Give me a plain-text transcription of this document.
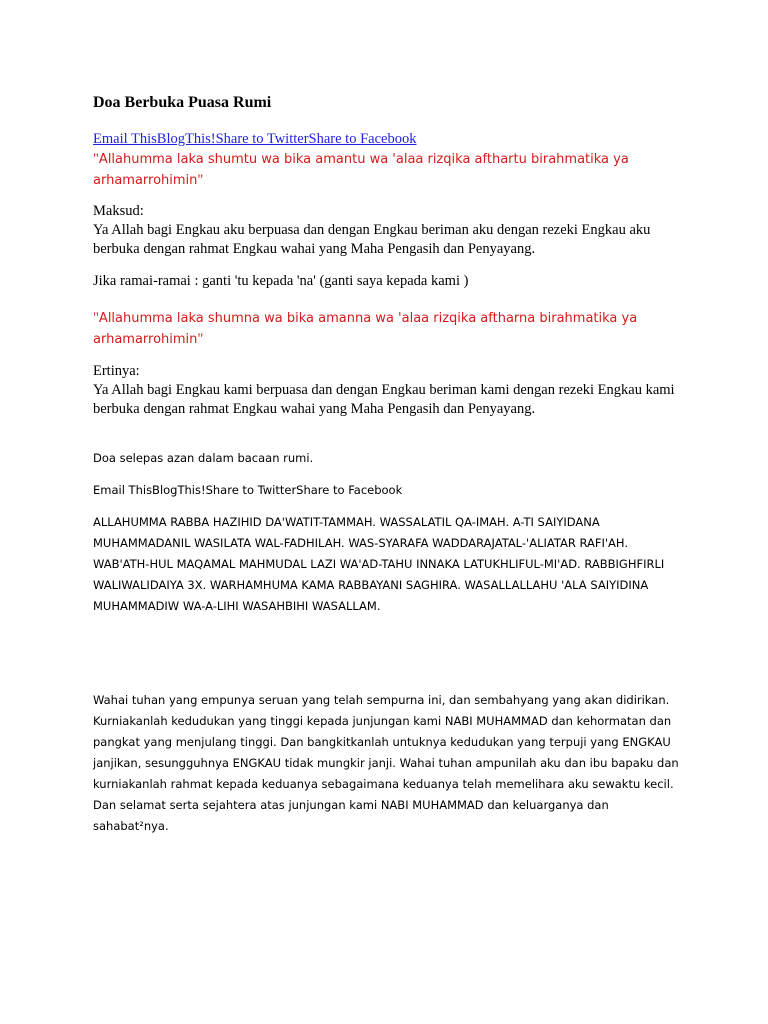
Doa Berbuka Puasa Rumi
Email ThisBlogThis!Share to TwitterShare to Facebook
"Allahumma laka shumtu wa bika amantu wa 'alaa rizqika afthartu birahmatika ya arhamarrohimin"
Maksud:
Ya Allah bagi Engkau aku berpuasa dan dengan Engkau beriman aku dengan rezeki Engkau aku berbuka dengan rahmat Engkau wahai yang Maha Pengasih dan Penyayang.
Jika ramai-ramai : ganti 'tu kepada 'na' (ganti saya kepada kami )
"Allahumma laka shumna wa bika amanna wa 'alaa rizqika aftharna birahmatika ya arhamarrohimin"
Ertinya:
Ya Allah bagi Engkau kami berpuasa dan dengan Engkau beriman kami dengan rezeki Engkau kami berbuka dengan rahmat Engkau wahai yang Maha Pengasih dan Penyayang.
Doa selepas azan dalam bacaan rumi.
Email ThisBlogThis!Share to TwitterShare to Facebook
ALLAHUMMA RABBA HAZIHID DA'WATIT-TAMMAH. WASSALATIL QA-IMAH. A-TI SAIYIDANA MUHAMMADANIL WASILATA WAL-FADHILAH. WAS-SYARAFA WADDARAJATAL-'ALIATAR RAFI'AH. WAB'ATH-HUL MAQAMAL MAHMUDAL LAZI WA'AD-TAHU INNAKA LATUKHLIFUL-MI'AD. RABBIGHFIRLI WALIWALIDAIYA 3X. WARHAMHUMA KAMA RABBAYANI SAGHIRA. WASALLALLAHU 'ALA SAIYIDINA MUHAMMADIW WA-A-LIHI WASAHBIHI WASALLAM.
Wahai tuhan yang empunya seruan yang telah sempurna ini, dan sembahyang yang akan didirikan. Kurniakanlah kedudukan yang tinggi kepada junjungan kami NABI MUHAMMAD dan kehormatan dan pangkat yang menjulang tinggi. Dan bangkitkanlah untuknya kedudukan yang terpuji yang ENGKAU janjikan, sesungguhnya ENGKAU tidak mungkir janji. Wahai tuhan ampunilah aku dan ibu bapaku dan kurniakanlah rahmat kepada keduanya sebagaimana keduanya telah memelihara aku sewaktu kecil. Dan selamat serta sejahtera atas junjungan kami NABI MUHAMMAD dan keluarganya dan sahabat²nya.
